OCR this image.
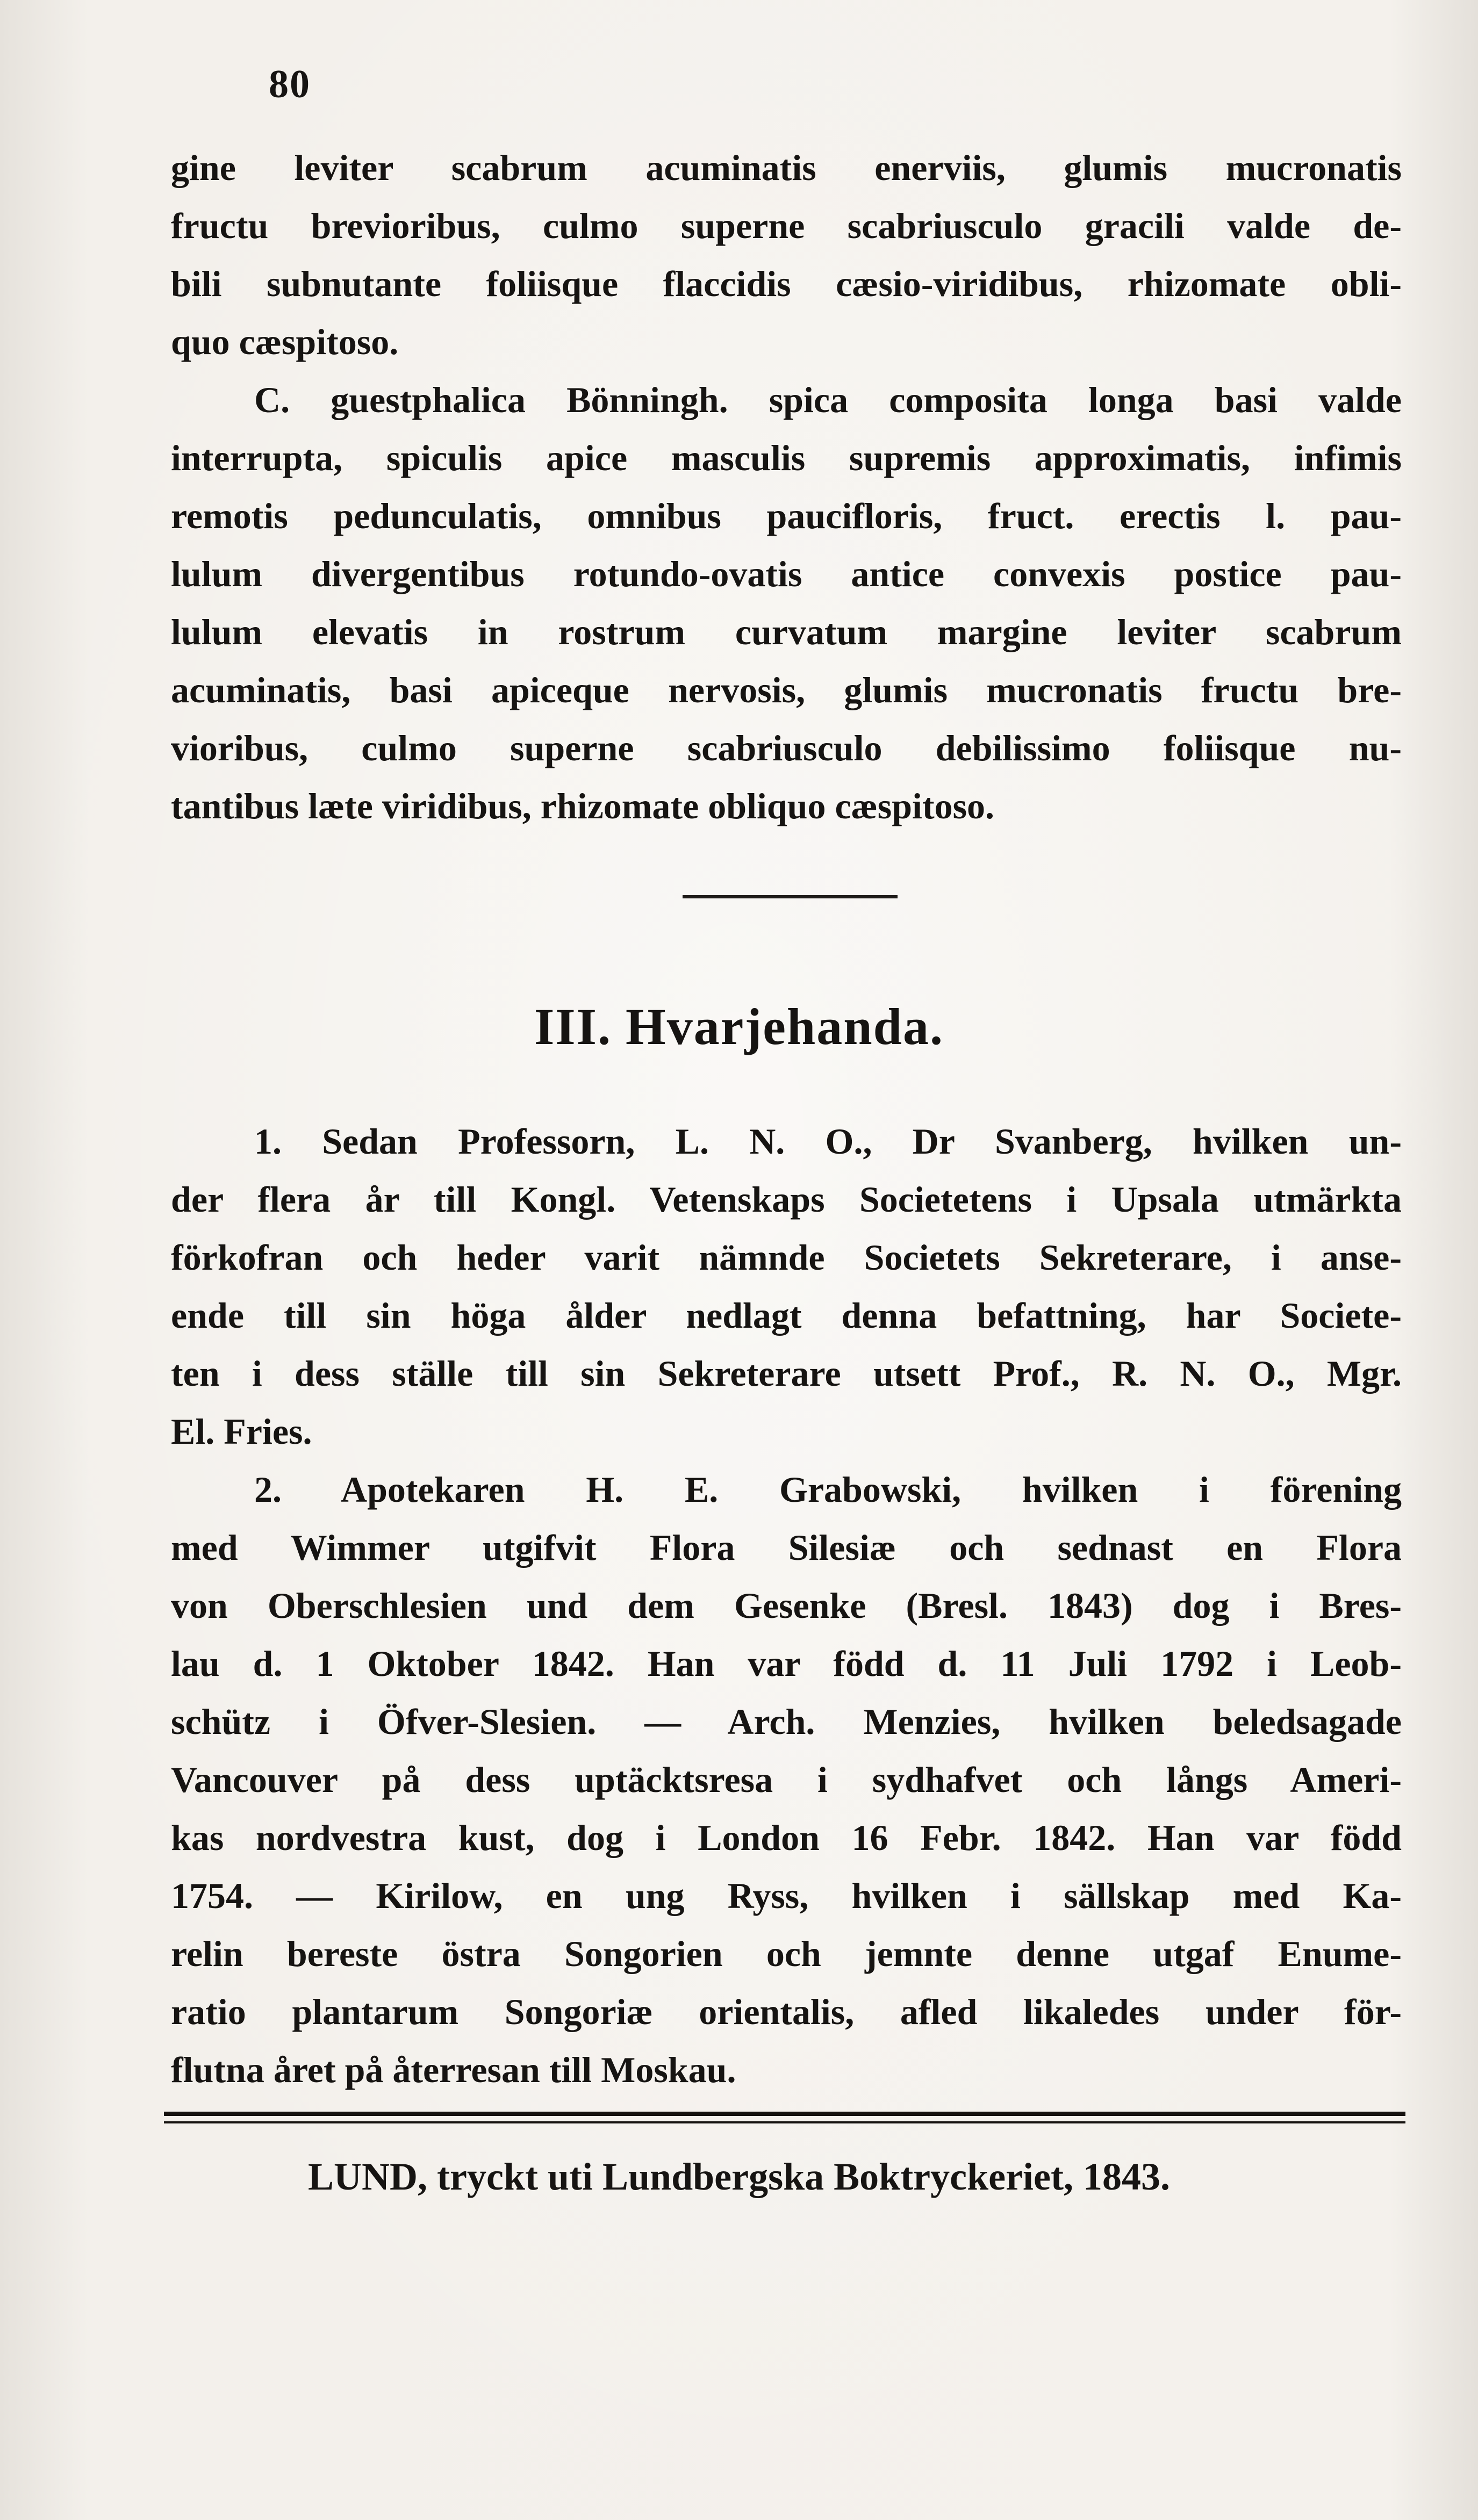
80
gine leviter scabrum acuminatis enerviis, glumis mucronatis
fructu brevioribus, culmo superne scabriusculo gracili valde de-
bili subnutante foliisque flaccidis cæsio-viridibus, rhizomate obli-
quo cæspitoso.
C. guestphalica Bönningh. spica composita longa basi valde
interrupta, spiculis apice masculis supremis approximatis, infimis
remotis pedunculatis, omnibus paucifloris, fruct. erectis l. pau-
lulum divergentibus rotundo-ovatis antice convexis postice pau-
lulum elevatis in rostrum curvatum margine leviter scabrum
acuminatis, basi apiceque nervosis, glumis mucronatis fructu bre-
vioribus, culmo superne scabriusculo debilissimo foliisque nu-
tantibus læte viridibus, rhizomate obliquo cæspitoso.
III. Hvarjehanda.
1. Sedan Professorn, L. N. O., Dr Svanberg, hvilken un-
der flera år till Kongl. Vetenskaps Societetens i Upsala utmärkta
förkofran och heder varit nämnde Societets Sekreterare, i anse-
ende till sin höga ålder nedlagt denna befattning, har Societe-
ten i dess ställe till sin Sekreterare utsett Prof., R. N. O., Mgr.
El. Fries.
2. Apotekaren H. E. Grabowski, hvilken i förening
med Wimmer utgifvit Flora Silesiæ och sednast en Flora
von Oberschlesien und dem Gesenke (Bresl. 1843) dog i Bres-
lau d. 1 Oktober 1842. Han var född d. 11 Juli 1792 i Leob-
schütz i Öfver-Slesien. — Arch. Menzies, hvilken beledsagade
Vancouver på dess uptäcktsresa i sydhafvet och långs Ameri-
kas nordvestra kust, dog i London 16 Febr. 1842. Han var född
1754. — Kirilow, en ung Ryss, hvilken i sällskap med Ka-
relin bereste östra Songorien och jemnte denne utgaf Enume-
ratio plantarum Songoriæ orientalis, afled likaledes under för-
flutna året på återresan till Moskau.
LUND, tryckt uti Lundbergska Boktryckeriet, 1843.
